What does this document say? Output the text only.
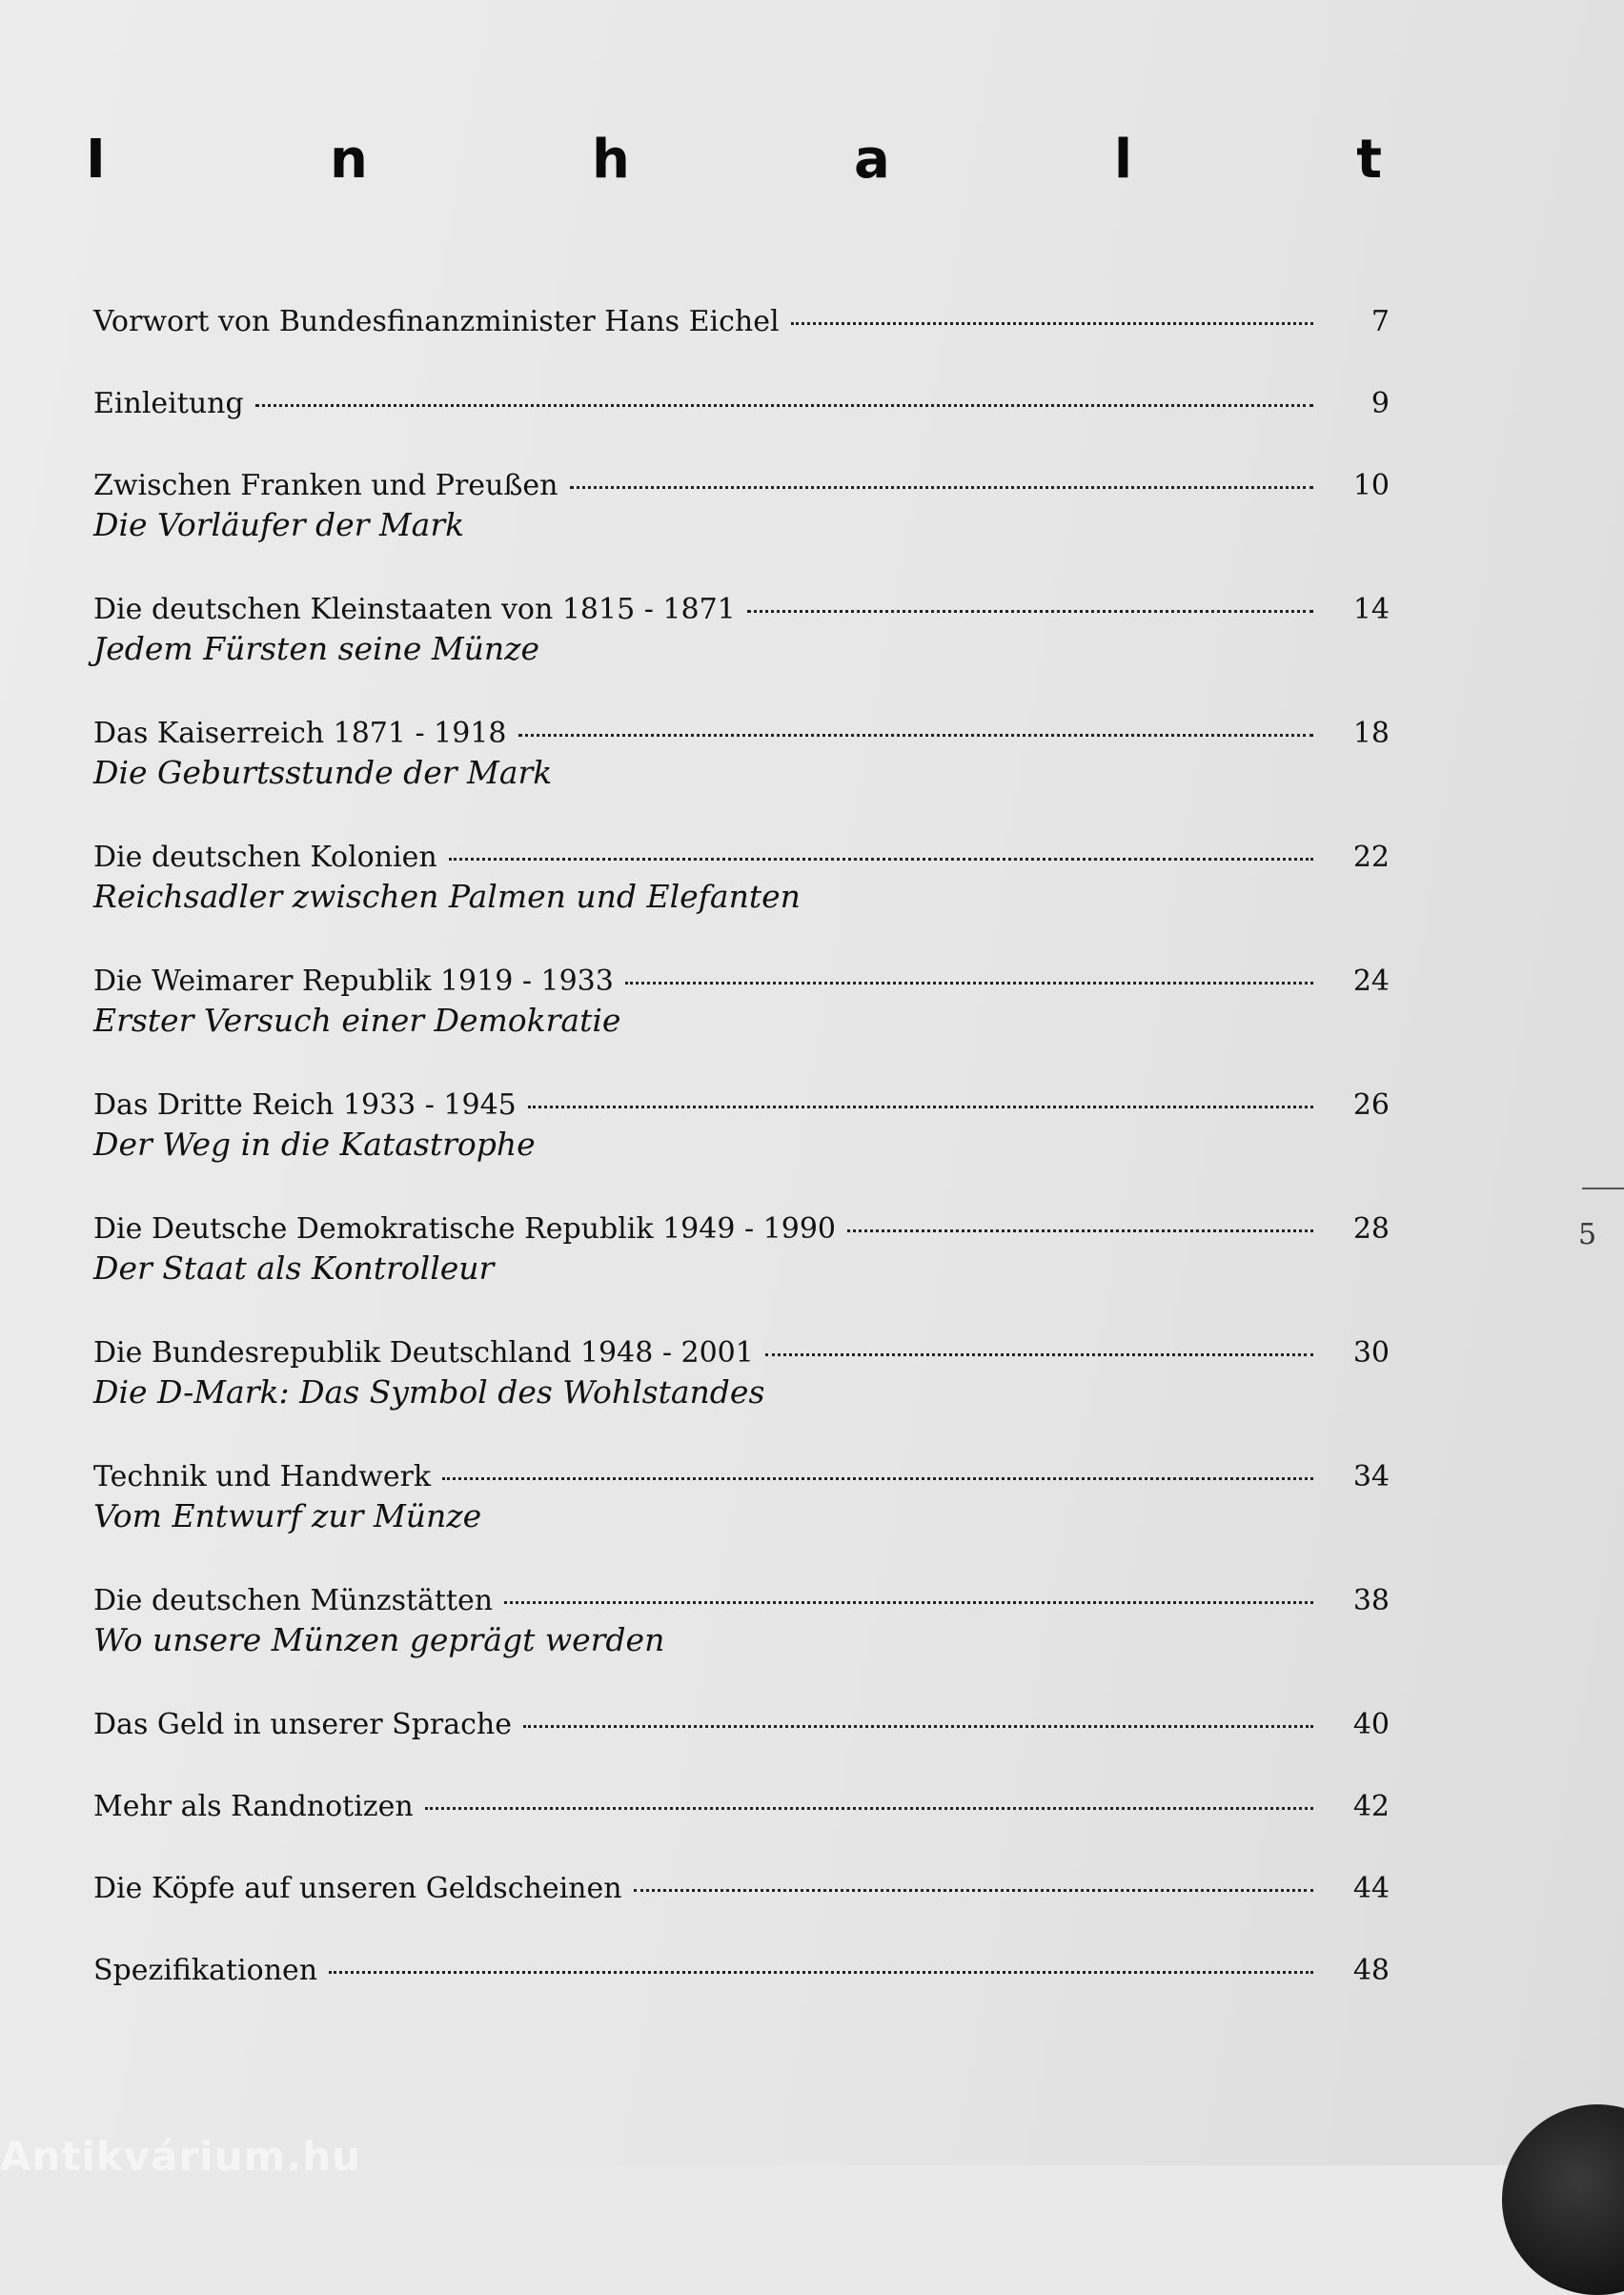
I	n	h	a	l	t
Vorwort von Bundesfinanzminister Hans Eichel	7
Einleitung	9
Zwischen Franken und Preußen	10
Die Vorläufer der Mark
Die deutschen Kleinstaaten von 1815 - 1871	14
Jedem Fürsten seine Münze
Das Kaiserreich 1871 - 1918	18
Die Geburtsstunde der Mark
Die deutschen Kolonien	22
Reichsadler zwischen Palmen und Elefanten
Die Weimarer Republik 1919 - 1933	24
Erster Versuch einer Demokratie
Das Dritte Reich 1933 - 1945	26
Der Weg in die Katastrophe
Die Deutsche Demokratische Republik 1949 - 1990	28
Der Staat als Kontrolleur
Die Bundesrepublik Deutschland 1948 - 2001	30
Die D-Mark: Das Symbol des Wohlstandes
Technik und Handwerk	34
Vom Entwurf zur Münze
Die deutschen Münzstätten	38
Wo unsere Münzen geprägt werden
Das Geld in unserer Sprache	40
Mehr als Randnotizen	42
Die Köpfe auf unseren Geldscheinen	44
Spezifikationen	48
5
Antikvárium.hu
